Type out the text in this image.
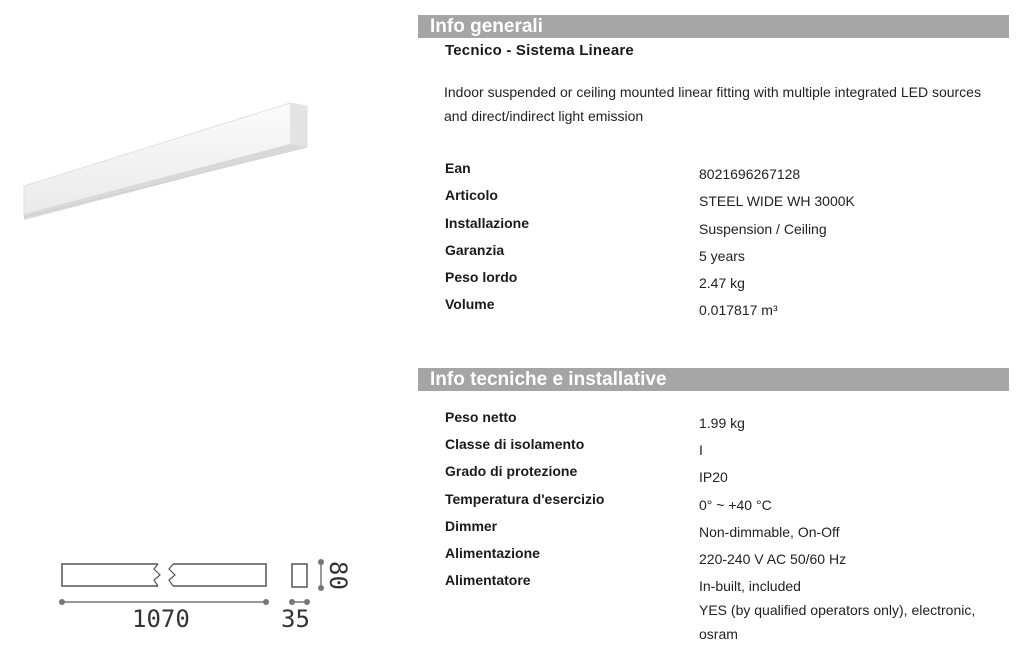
1070	35
80
Info generali
Tecnico - Sistema Lineare
Indoor suspended or ceiling mounted linear fitting with multiple integrated LED sources and direct/indirect light emission
Ean	8021696267128
Articolo	STEEL WIDE WH 3000K
Installazione	Suspension / Ceiling
Garanzia	5 years
Peso lordo	2.47 kg
Volume	0.017817 m³
Info tecniche e installative
Peso netto	1.99 kg
Classe di isolamento	I
Grado di protezione	IP20
Temperatura d'esercizio	0° ~ +40 °C
Dimmer	Non-dimmable, On-Off
Alimentazione	220-240 V AC 50/60 Hz
Alimentatore	In-built, included
YES (by qualified operators only), electronic, osram
